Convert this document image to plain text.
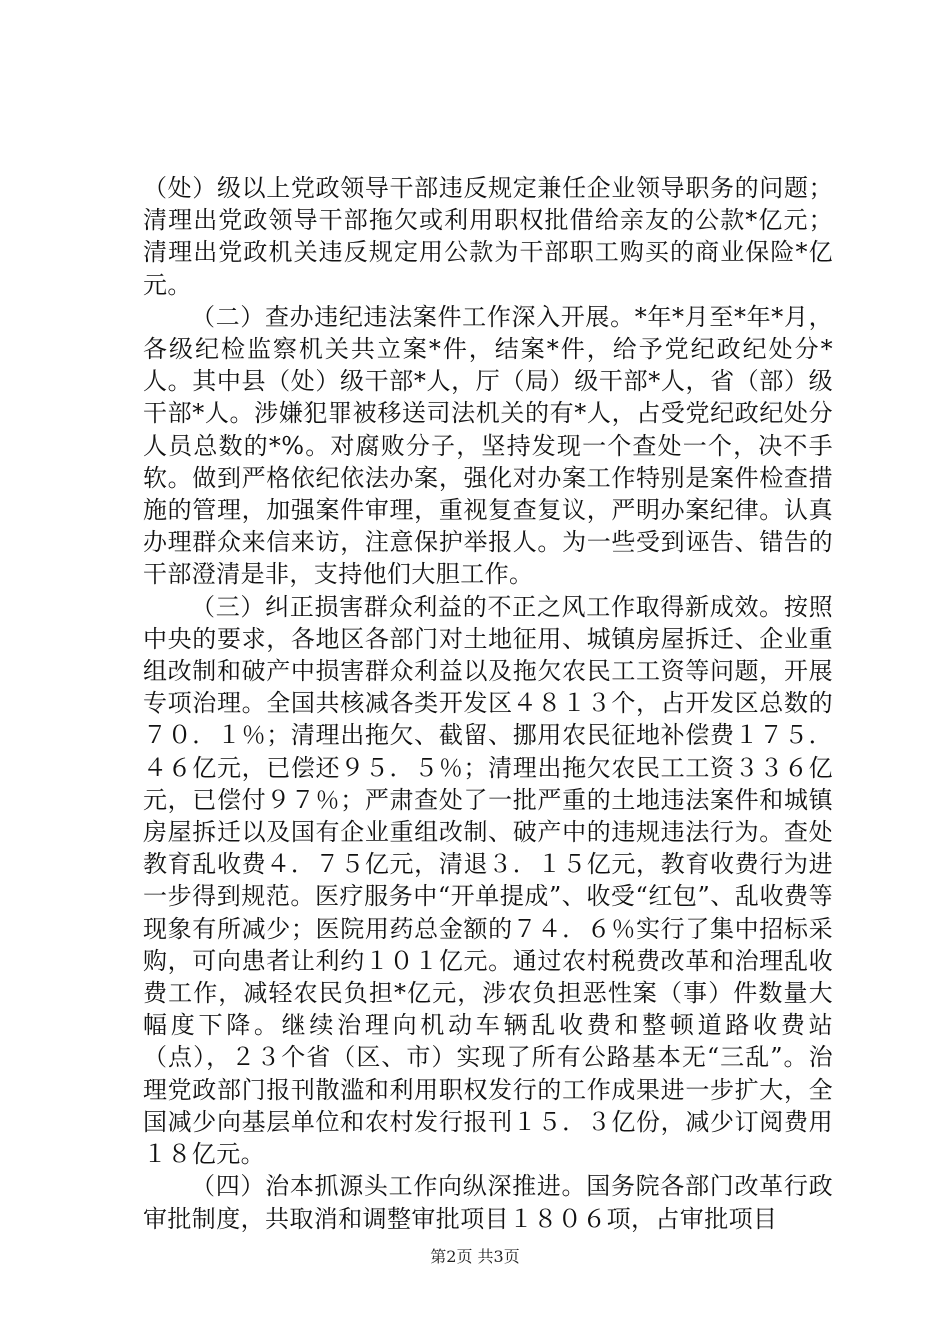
（处）级以上党政领导干部违反规定兼任企业领导职务的问题；清理出党政领导干部拖欠或利用职权批借给亲友的公款*亿元；清理出党政机关违反规定用公款为干部职工购买的商业保险*亿元。

（二）查办违纪违法案件工作深入开展。*年*月至*年*月，各级纪检监察机关共立案*件，结案*件，给予党纪政纪处分*人。其中县（处）级干部*人，厅（局）级干部*人，省（部）级干部*人。涉嫌犯罪被移送司法机关的有*人，占受党纪政纪处分人员总数的*%。对腐败分子，坚持发现一个查处一个，决不手软。做到严格依纪依法办案，强化对办案工作特别是案件检查措施的管理，加强案件审理，重视复查复议，严明办案纪律。认真办理群众来信来访，注意保护举报人。为一些受到诬告、错告的干部澄清是非，支持他们大胆工作。

（三）纠正损害群众利益的不正之风工作取得新成效。按照中央的要求，各地区各部门对土地征用、城镇房屋拆迁、企业重组改制和破产中损害群众利益以及拖欠农民工工资等问题，开展专项治理。全国共核减各类开发区４８１３个，占开发区总数的７０．１％；清理出拖欠、截留、挪用农民征地补偿费１７５．４６亿元，已偿还９５．５％；清理出拖欠农民工工资３３６亿元，已偿付９７％；严肃查处了一批严重的土地违法案件和城镇房屋拆迁以及国有企业重组改制、破产中的违规违法行为。查处教育乱收费４．７５亿元，清退３．１５亿元，教育收费行为进一步得到规范。医疗服务中“开单提成”、收受“红包”、乱收费等现象有所减少；医院用药总金额的７４．６％实行了集中招标采购，可向患者让利约１０１亿元。通过农村税费改革和治理乱收费工作，减轻农民负担*亿元，涉农负担恶性案（事）件数量大幅度下降。继续治理向机动车辆乱收费和整顿道路收费站（点），２３个省（区、市）实现了所有公路基本无“三乱”。治理党政部门报刊散滥和利用职权发行的工作成果进一步扩大，全国减少向基层单位和农村发行报刊１５．３亿份，减少订阅费用１８亿元。

（四）治本抓源头工作向纵深推进。国务院各部门改革行政审批制度，共取消和调整审批项目１８０６项，占审批项目

第2页 共3页
